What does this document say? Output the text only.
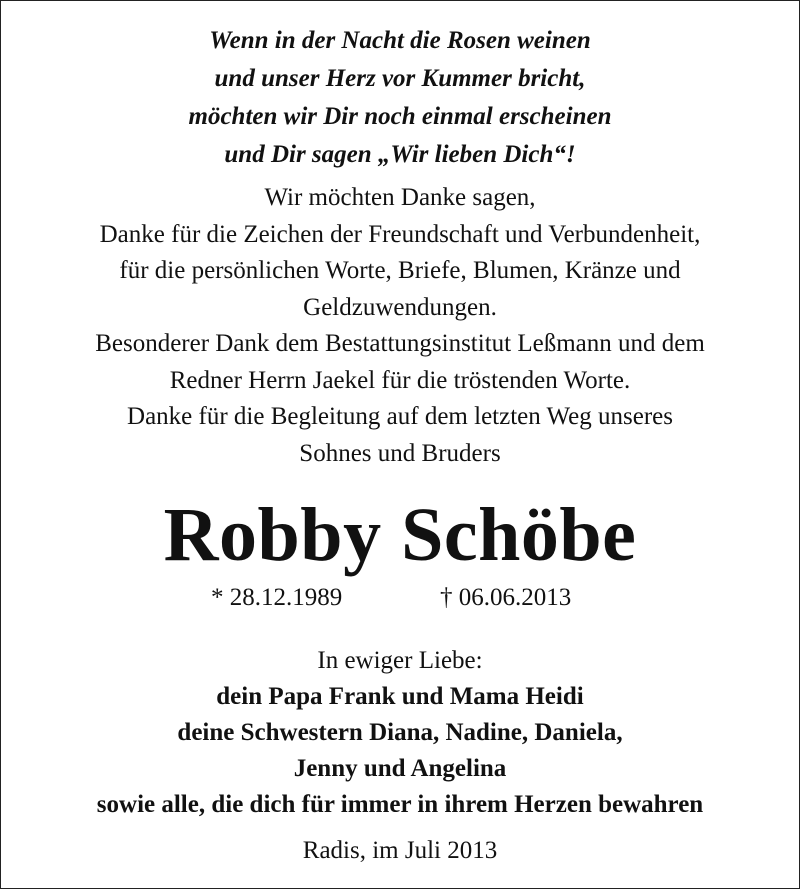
Wenn in der Nacht die Rosen weinen
und unser Herz vor Kummer bricht,
möchten wir Dir noch einmal erscheinen
und Dir sagen „Wir lieben Dich“!
Wir möchten Danke sagen,
Danke für die Zeichen der Freundschaft und Verbundenheit,
für die persönlichen Worte, Briefe, Blumen, Kränze und
Geldzuwendungen.
Besonderer Dank dem Bestattungsinstitut Leßmann und dem
Redner Herrn Jaekel für die tröstenden Worte.
Danke für die Begleitung auf dem letzten Weg unseres
Sohnes und Bruders
Robby Schöbe
* 28.12.1989	† 06.06.2013
In ewiger Liebe:
dein Papa Frank und Mama Heidi
deine Schwestern Diana, Nadine, Daniela,
Jenny und Angelina
sowie alle, die dich für immer in ihrem Herzen bewahren
Radis, im Juli 2013
